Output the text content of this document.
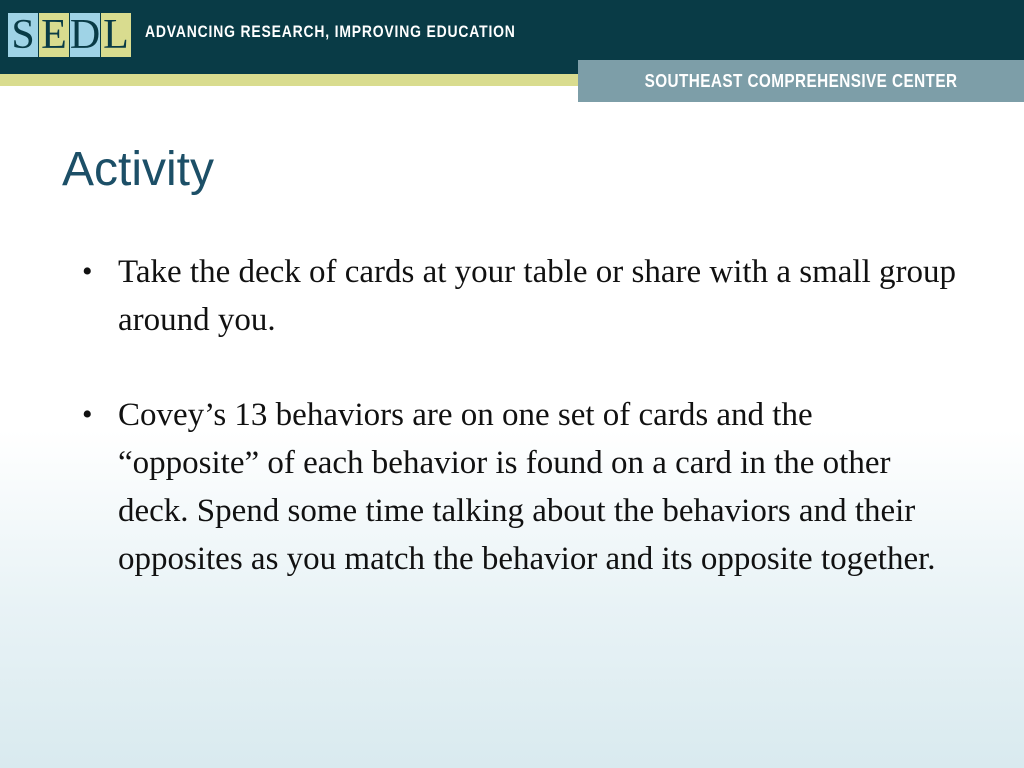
S E D L ADVANCING RESEARCH, IMPROVING EDUCATION
SOUTHEAST COMPREHENSIVE CENTER
Activity
• Take the deck of cards at your table or share with a small group around you.
• Covey’s 13 behaviors are on one set of cards and the “opposite” of each behavior is found on a card in the other deck. Spend some time talking about the behaviors and their opposites as you match the behavior and its opposite together.
